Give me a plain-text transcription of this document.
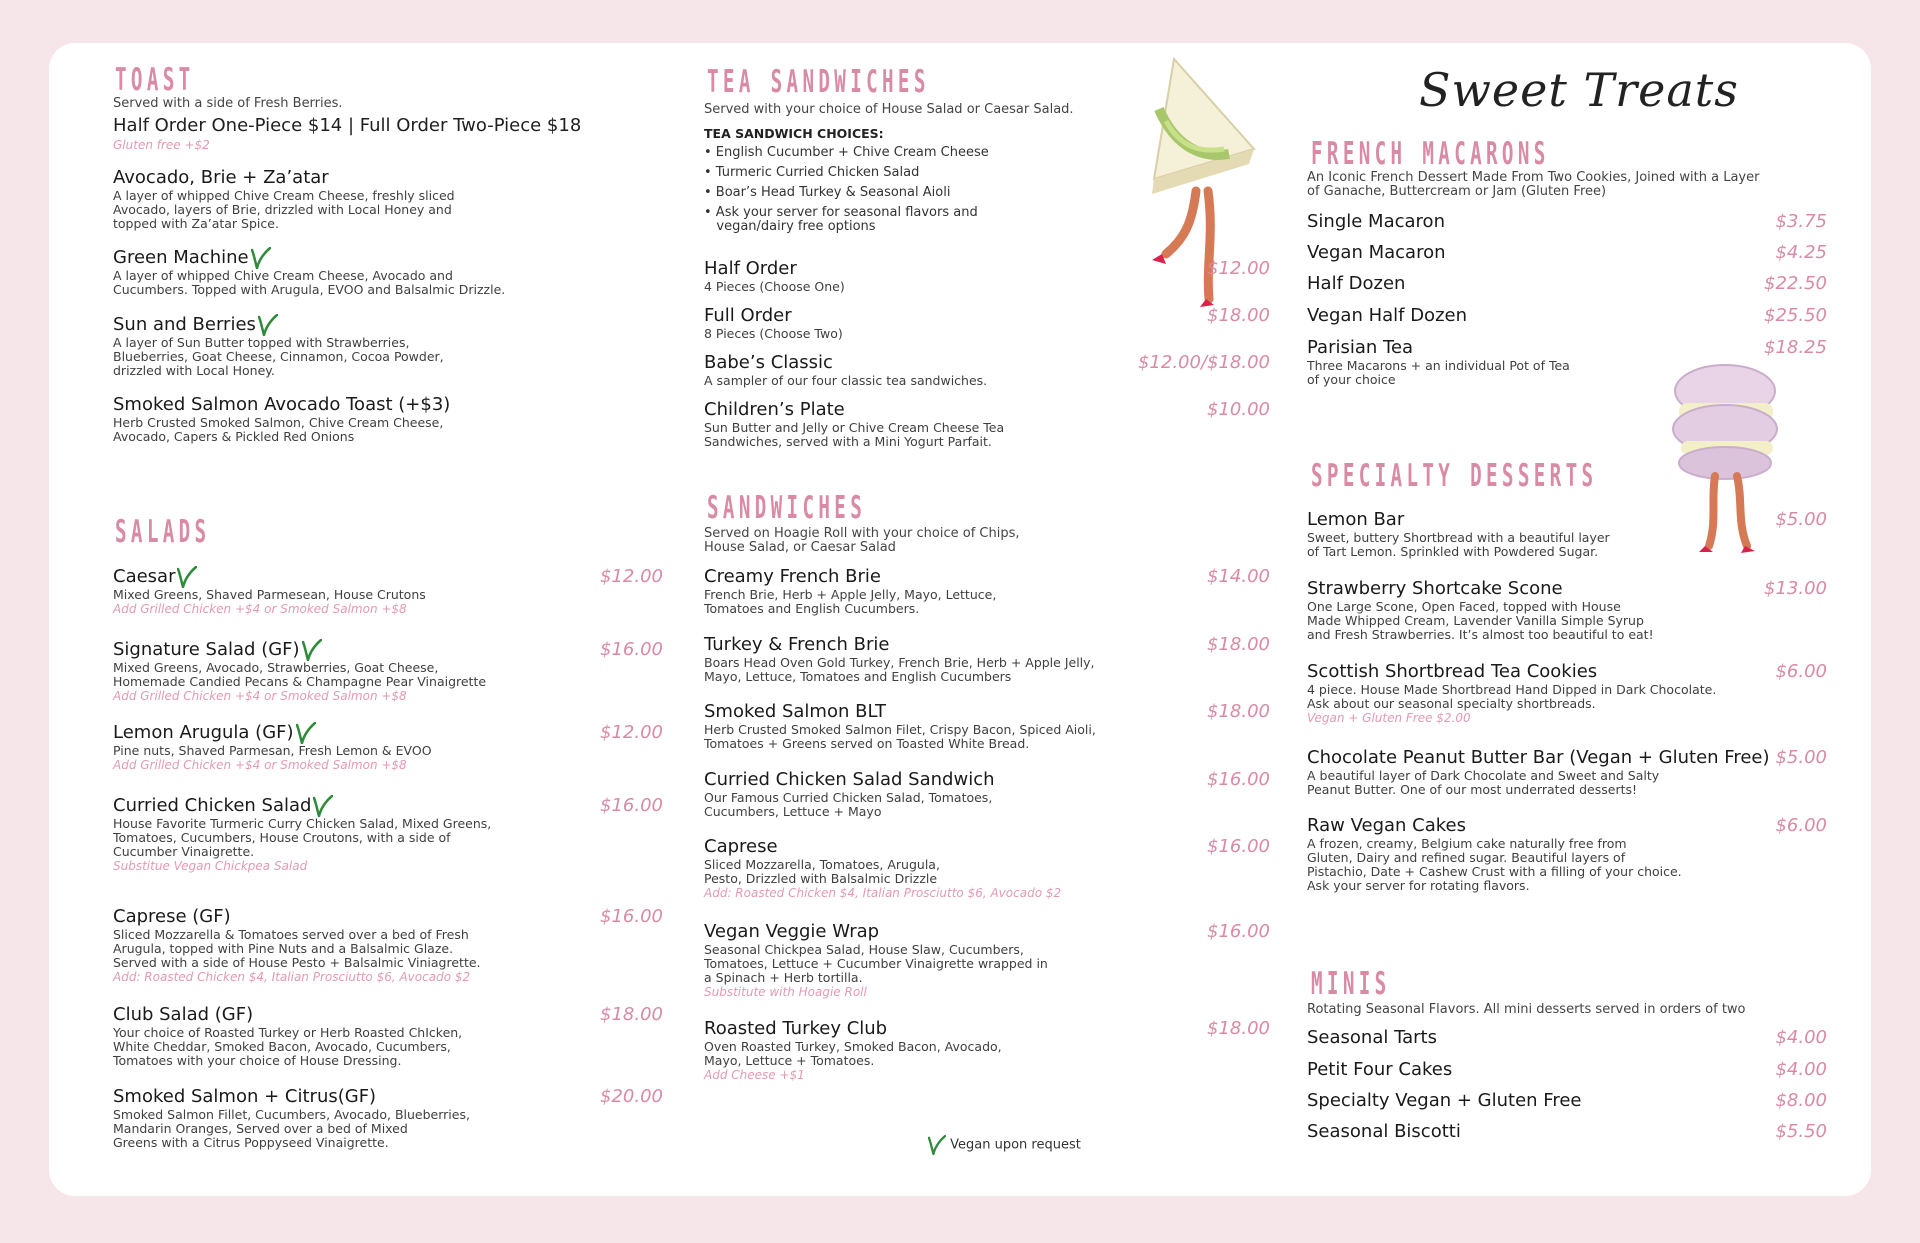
TOAST
Served with a side of Fresh Berries.
Half Order One-Piece $14 | Full Order Two-Piece $18
Gluten free +$2
Avocado, Brie + Za’atar
A layer of whipped Chive Cream Cheese, freshly sliced
Avocado, layers of Brie, drizzled with Local Honey and
topped with Za’atar Spice.
Green Machine
A layer of whipped Chive Cream Cheese, Avocado and
Cucumbers. Topped with Arugula, EVOO and Balsalmic Drizzle.
Sun and Berries
A layer of Sun Butter topped with Strawberries,
Blueberries, Goat Cheese, Cinnamon, Cocoa Powder,
drizzled with Local Honey.
Smoked Salmon Avocado Toast (+$3)
Herb Crusted Smoked Salmon, Chive Cream Cheese,
Avocado, Capers & Pickled Red Onions
SALADS
Caesar	$12.00
Mixed Greens, Shaved Parmesean, House Crutons
Add Grilled Chicken +$4 or Smoked Salmon +$8
Signature Salad (GF)	$16.00
Mixed Greens, Avocado, Strawberries, Goat Cheese,
Homemade Candied Pecans & Champagne Pear Vinaigrette
Add Grilled Chicken +$4 or Smoked Salmon +$8
Lemon Arugula (GF)	$12.00
Pine nuts, Shaved Parmesan, Fresh Lemon & EVOO
Add Grilled Chicken +$4 or Smoked Salmon +$8
Curried Chicken Salad	$16.00
House Favorite Turmeric Curry Chicken Salad, Mixed Greens,
Tomatoes, Cucumbers, House Croutons, with a side of
Cucumber Vinaigrette.
Substitue Vegan Chickpea Salad
Caprese (GF)	$16.00
Sliced Mozzarella & Tomatoes served over a bed of Fresh
Arugula, topped with Pine Nuts and a Balsalmic Glaze.
Served with a side of House Pesto + Balsalmic Viniagrette.
Add: Roasted Chicken $4, Italian Prosciutto $6, Avocado $2
Club Salad (GF)	$18.00
Your choice of Roasted Turkey or Herb Roasted ChIcken,
White Cheddar, Smoked Bacon, Avocado, Cucumbers,
Tomatoes with your choice of House Dressing.
Smoked Salmon + Citrus(GF)	$20.00
Smoked Salmon Fillet, Cucumbers, Avocado, Blueberries,
Mandarin Oranges, Served over a bed of Mixed
Greens with a Citrus Poppyseed Vinaigrette.
TEA SANDWICHES
Served with your choice of House Salad or Caesar Salad.
TEA SANDWICH CHOICES:
• English Cucumber + Chive Cream Cheese
• Turmeric Curried Chicken Salad
• Boar’s Head Turkey & Seasonal Aioli
• Ask your server for seasonal flavors and
vegan/dairy free options
Half Order	$12.00
4 Pieces (Choose One)
Full Order	$18.00
8 Pieces (Choose Two)
Babe’s Classic	$12.00/$18.00
A sampler of our four classic tea sandwiches.
Children’s Plate	$10.00
Sun Butter and Jelly or Chive Cream Cheese Tea
Sandwiches, served with a Mini Yogurt Parfait.
SANDWICHES
Served on Hoagie Roll with your choice of Chips,
House Salad, or Caesar Salad
Creamy French Brie	$14.00
French Brie, Herb + Apple Jelly, Mayo, Lettuce,
Tomatoes and English Cucumbers.
Turkey & French Brie	$18.00
Boars Head Oven Gold Turkey, French Brie, Herb + Apple Jelly,
Mayo, Lettuce, Tomatoes and English Cucumbers
Smoked Salmon BLT	$18.00
Herb Crusted Smoked Salmon Filet, Crispy Bacon, Spiced Aioli,
Tomatoes + Greens served on Toasted White Bread.
Curried Chicken Salad Sandwich	$16.00
Our Famous Curried Chicken Salad, Tomatoes,
Cucumbers, Lettuce + Mayo
Caprese	$16.00
Sliced Mozzarella, Tomatoes, Arugula,
Pesto, Drizzled with Balsalmic Drizzle
Add: Roasted Chicken $4, Italian Prosciutto $6, Avocado $2
Vegan Veggie Wrap	$16.00
Seasonal Chickpea Salad, House Slaw, Cucumbers,
Tomatoes, Lettuce + Cucumber Vinaigrette wrapped in
a Spinach + Herb tortilla.
Substitute with Hoagie Roll
Roasted Turkey Club	$18.00
Oven Roasted Turkey, Smoked Bacon, Avocado,
Mayo, Lettuce + Tomatoes.
Add Cheese +$1
Vegan upon request
Sweet Treats
FRENCH MACARONS
An Iconic French Dessert Made From Two Cookies, Joined with a Layer
of Ganache, Buttercream or Jam (Gluten Free)
Single Macaron	$3.75
Vegan Macaron	$4.25
Half Dozen	$22.50
Vegan Half Dozen	$25.50
Parisian Tea	$18.25
Three Macarons + an individual Pot of Tea
of your choice
SPECIALTY DESSERTS
Lemon Bar	$5.00
Sweet, buttery Shortbread with a beautiful layer
of Tart Lemon. Sprinkled with Powdered Sugar.
Strawberry Shortcake Scone	$13.00
One Large Scone, Open Faced, topped with House
Made Whipped Cream, Lavender Vanilla Simple Syrup
and Fresh Strawberries. It’s almost too beautiful to eat!
Scottish Shortbread Tea Cookies	$6.00
4 piece. House Made Shortbread Hand Dipped in Dark Chocolate.
Ask about our seasonal specialty shortbreads.
Vegan + Gluten Free $2.00
Chocolate Peanut Butter Bar (Vegan + Gluten Free) $5.00
A beautiful layer of Dark Chocolate and Sweet and Salty
Peanut Butter. One of our most underrated desserts!
Raw Vegan Cakes	$6.00
A frozen, creamy, Belgium cake naturally free from
Gluten, Dairy and refined sugar. Beautiful layers of
Pistachio, Date + Cashew Crust with a filling of your choice.
Ask your server for rotating flavors.
MINIS
Rotating Seasonal Flavors. All mini desserts served in orders of two
Seasonal Tarts	$4.00
Petit Four Cakes	$4.00
Specialty Vegan + Gluten Free	$8.00
Seasonal Biscotti	$5.50
